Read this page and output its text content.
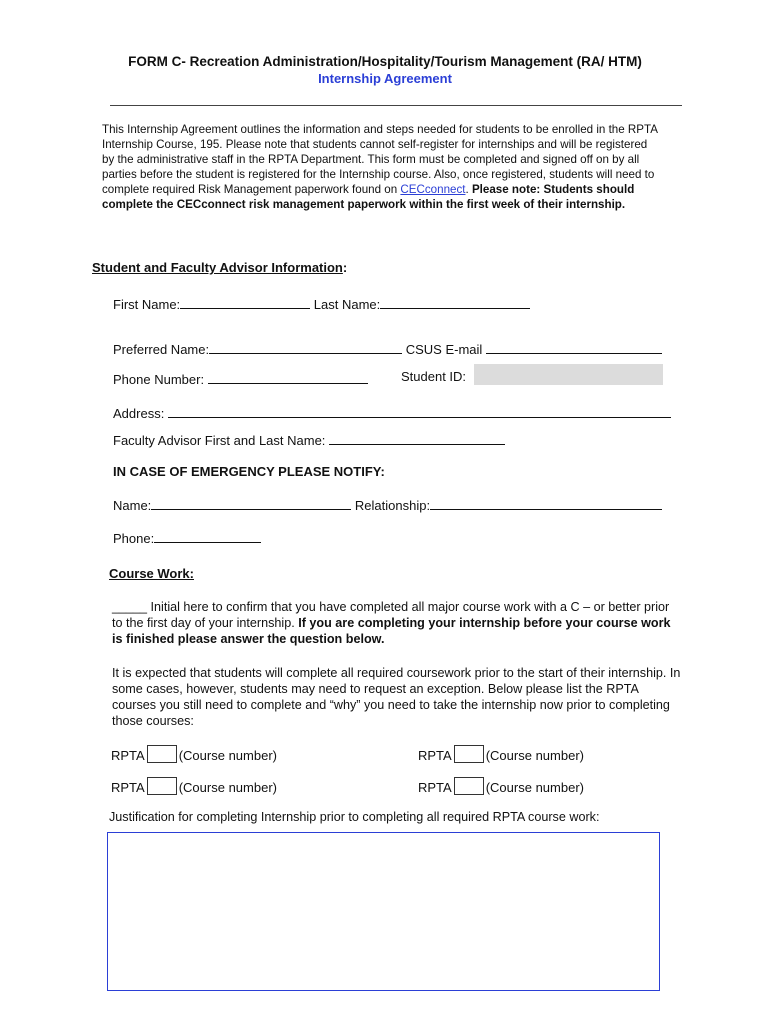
FORM C- Recreation Administration/Hospitality/Tourism Management (RA/ HTM)
Internship Agreement
This Internship Agreement outlines the information and steps needed for students to be enrolled in the RPTA Internship Course, 195. Please note that students cannot self-register for internships and will be registered by the administrative staff in the RPTA Department. This form must be completed and signed off on by all parties before the student is registered for the Internship course. Also, once registered, students will need to complete required Risk Management paperwork found on CECconnect. Please note: Students should complete the CECconnect risk management paperwork within the first week of their internship.
Student and Faculty Advisor Information:
First Name:	Last Name:
Preferred Name:	CSUS E-mail
Phone Number:	Student ID:
Address:
Faculty Advisor First and Last Name:
IN CASE OF EMERGENCY PLEASE NOTIFY:
Name:	Relationship:
Phone:
Course Work:
_____ Initial here to confirm that you have completed all major course work with a C – or better prior to the first day of your internship. If you are completing your internship before your course work is finished please answer the question below.
It is expected that students will complete all required coursework prior to the start of their internship. In some cases, however, students may need to request an exception. Below please list the RPTA courses you still need to complete and “why” you need to take the internship now prior to completing those courses:
RPTA	(Course number)	RPTA	(Course number)
RPTA	(Course number)	RPTA	(Course number)
Justification for completing Internship prior to completing all required RPTA course work:
